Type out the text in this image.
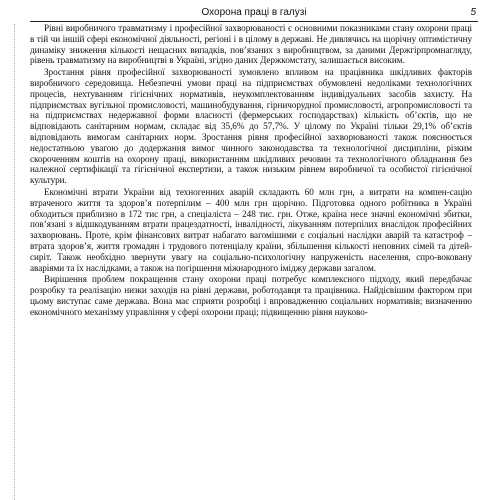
Охорона праці в галузі	5

Рівні виробничого травматизму і професійної захворюваності є основними показниками стану охорони праці в тій чи іншій сфері економічної діяльності, регіоні і в цілому в державі. Не дивлячись на щорічну оптимістичну динаміку зниження кількості нещасних випадків, пов’язаних з виробництвом, за даними Держгірпромнагляду, рівень травматизму на виробництві в Україні, згідно даних Держкомстату, залишається високим.

Зростання рівня професійної захворюваності зумовлено впливом на працівника шкідливих факторів виробничого середовища. Небезпечні умови праці на підприємствах обумовлені недоліками технологічних процесів, нехтуванням гігієнічних нормативів, неукомплектованням індивідуальних засобів захисту. На підприємствах вугільної промисловості, машинобудування, гірничорудної промисловості, агропромисловості та на підприємствах недержавної форми власності (фермерських господарствах) кількість об’єктів, що не відповідають санітарним нормам, складає від 35,6% до 57,7%. У цілому по Україні тільки 29,1% об’єктів відповідають вимогам санітарних норм. Зростання рівня професійної захворюваності також пояснюється недостатньою увагою до додержання вимог чинного законодавства та технологічної дисципліни, різким скороченням коштів на охорону праці, використанням шкідливих речовин та технологічного обладнання без належної сертифікації та гігієнічної експертизи, а також низьким рівнем виробничої та особистої гігієнічної культури.

Економічні втрати України від техногенних аварій складають 60 млн грн, а витрати на компен-сацію втраченого життя та здоров’я потерпілим – 400 млн грн щорічно. Підготовка одного робітника в Україні обходиться приблизно в 172 тис грн, а спеціаліста – 248 тис. грн. Отже, країна несе значні економічні збитки, пов’язані з відшкодуванням втрати працездатності, інвалідності, лікуванням потерпілих внаслідок професійних захворювань. Проте, крім фінансових витрат набагато вагомішими є соціальні наслідки аварій та катастроф – втрата здоров’я, життя громадян і трудового потенціалу країни, збільшення кількості неповних сімей та дітей-сиріт. Також необхідно звернути увагу на соціально-психологічну напруженість населення, спро-воковану аваріями та їх наслідками, а також на погіршення міжнародного іміджу держави загалом.

Вирішення проблем покращення стану охорони праці потребує комплексного підходу, який передбачає розробку та реалізацію низки заходів на рівні держави, роботодавця та працівника. Найдієвішим фактором при цьому виступає саме держава. Вона має сприяти розробці і впровадженню соціальних нормативів; визначенню економічного механізму управління у сфері охорони праці; підвищенню рівня науково-
